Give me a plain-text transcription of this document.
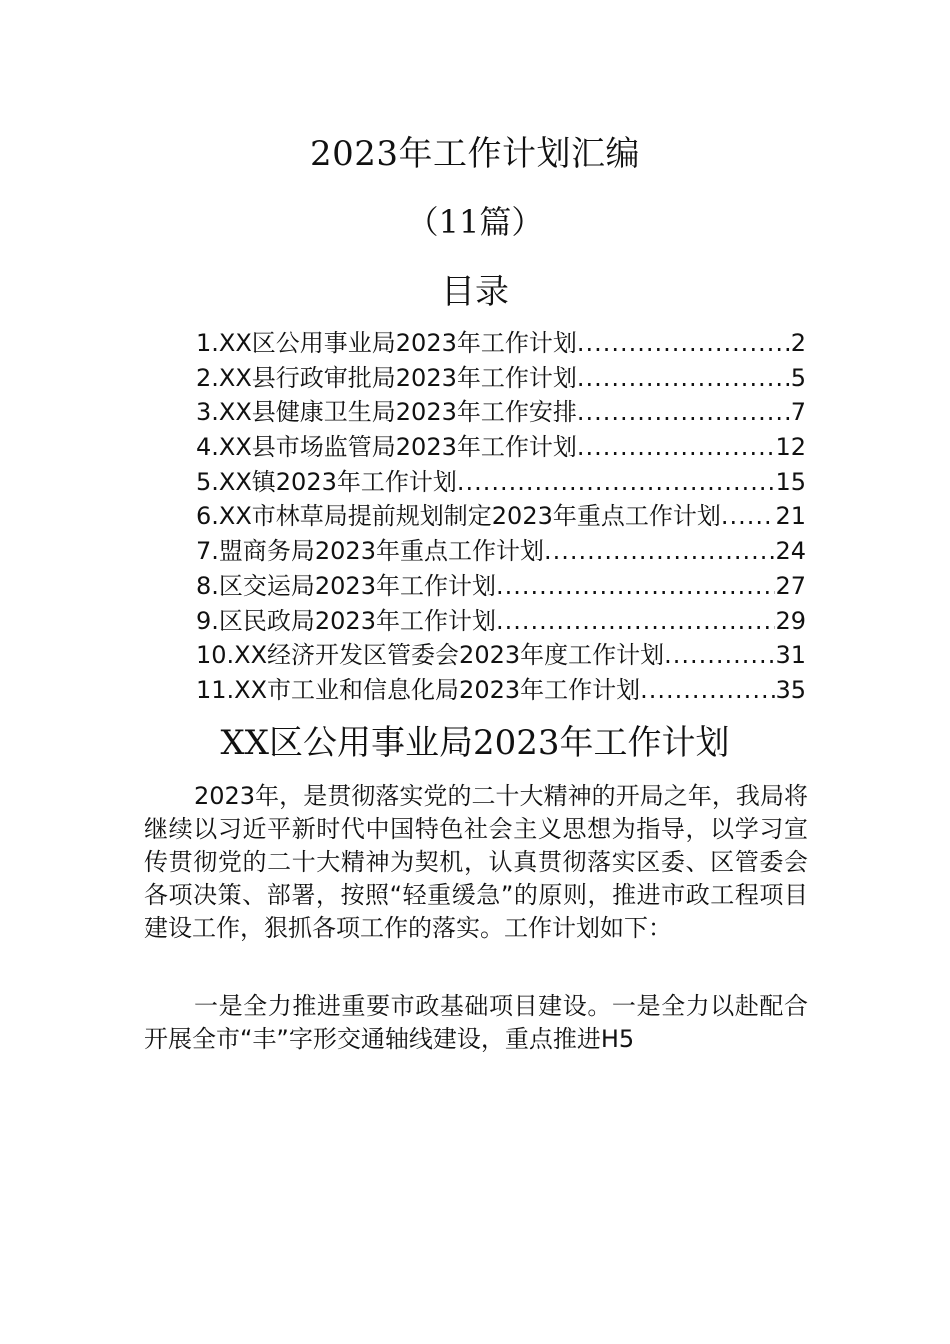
2023年工作计划汇编
（11篇）
目录
1.XX区公用事业局2023年工作计划 .....	2
2.XX县行政审批局2023年工作计划 .....	5
3.XX县健康卫生局2023年工作安排 .....	7
4.XX县市场监管局2023年工作计划 .....	12
5.XX镇2023年工作计划 .....	15
6.XX市林草局提前规划制定2023年重点工作计划 ..... 21
7.盟商务局2023年重点工作计划 .....	24
8.区交运局2023年工作计划 .....	27
9.区民政局2023年工作计划 .....	29
10.XX经济开发区管委会2023年度工作计划 .....	31
11.XX市工业和信息化局2023年工作计划 .....	35
XX区公用事业局2023年工作计划

2023年，是贯彻落实党的二十大精神的开局之年，我局将继续以习近平新时代中国特色社会主义思想为指导，以学习宣传贯彻党的二十大精神为契机，认真贯彻落实区委、区管委会各项决策、部署，按照“轻重缓急”的原则，推进市政工程项目建设工作，狠抓各项工作的落实。工作计划如下：

一是全力推进重要市政基础项目建设。一是全力以赴配合开展全市“丰”字形交通轴线建设，重点推进H5
